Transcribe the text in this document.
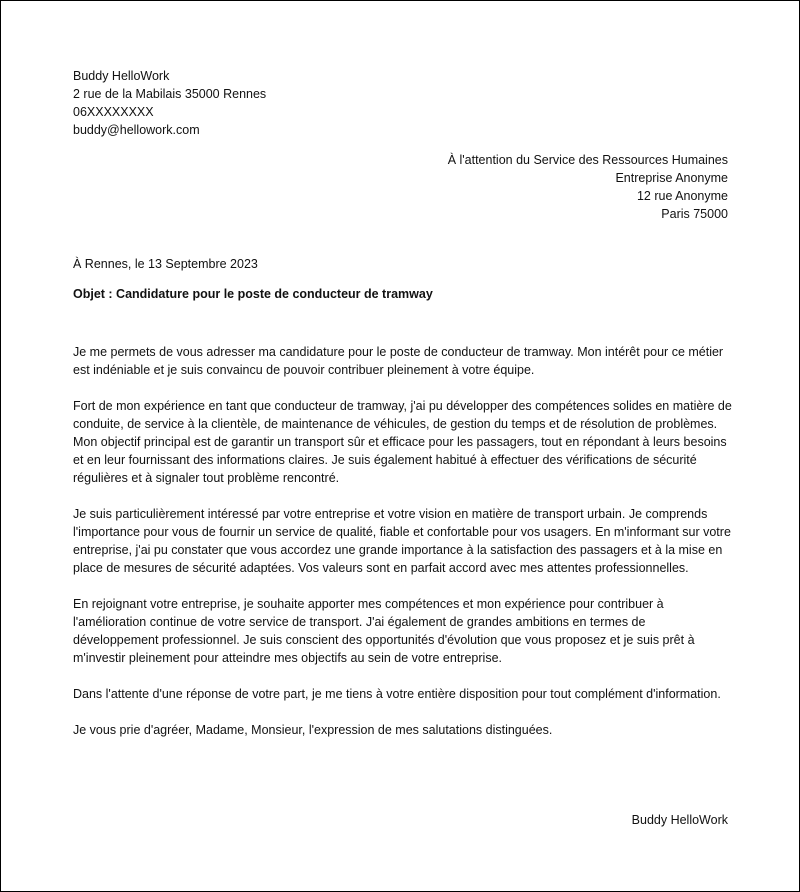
Buddy HelloWork
2 rue de la Mabilais 35000 Rennes
06XXXXXXXX
buddy@hellowork.com
À l'attention du Service des Ressources Humaines
Entreprise Anonyme
12 rue Anonyme
Paris 75000
À Rennes, le 13 Septembre 2023
Objet : Candidature pour le poste de conducteur de tramway

Je me permets de vous adresser ma candidature pour le poste de conducteur de tramway. Mon intérêt pour ce métier est indéniable et je suis convaincu de pouvoir contribuer pleinement à votre équipe.

Fort de mon expérience en tant que conducteur de tramway, j'ai pu développer des compétences solides en matière de conduite, de service à la clientèle, de maintenance de véhicules, de gestion du temps et de résolution de problèmes. Mon objectif principal est de garantir un transport sûr et efficace pour les passagers, tout en répondant à leurs besoins et en leur fournissant des informations claires. Je suis également habitué à effectuer des vérifications de sécurité régulières et à signaler tout problème rencontré.

Je suis particulièrement intéressé par votre entreprise et votre vision en matière de transport urbain. Je comprends l'importance pour vous de fournir un service de qualité, fiable et confortable pour vos usagers. En m'informant sur votre entreprise, j'ai pu constater que vous accordez une grande importance à la satisfaction des passagers et à la mise en place de mesures de sécurité adaptées. Vos valeurs sont en parfait accord avec mes attentes professionnelles.

En rejoignant votre entreprise, je souhaite apporter mes compétences et mon expérience pour contribuer à l'amélioration continue de votre service de transport. J'ai également de grandes ambitions en termes de développement professionnel. Je suis conscient des opportunités d'évolution que vous proposez et je suis prêt à m'investir pleinement pour atteindre mes objectifs au sein de votre entreprise.

Dans l'attente d'une réponse de votre part, je me tiens à votre entière disposition pour tout complément d'information.

Je vous prie d'agréer, Madame, Monsieur, l'expression de mes salutations distinguées.

Buddy HelloWork
